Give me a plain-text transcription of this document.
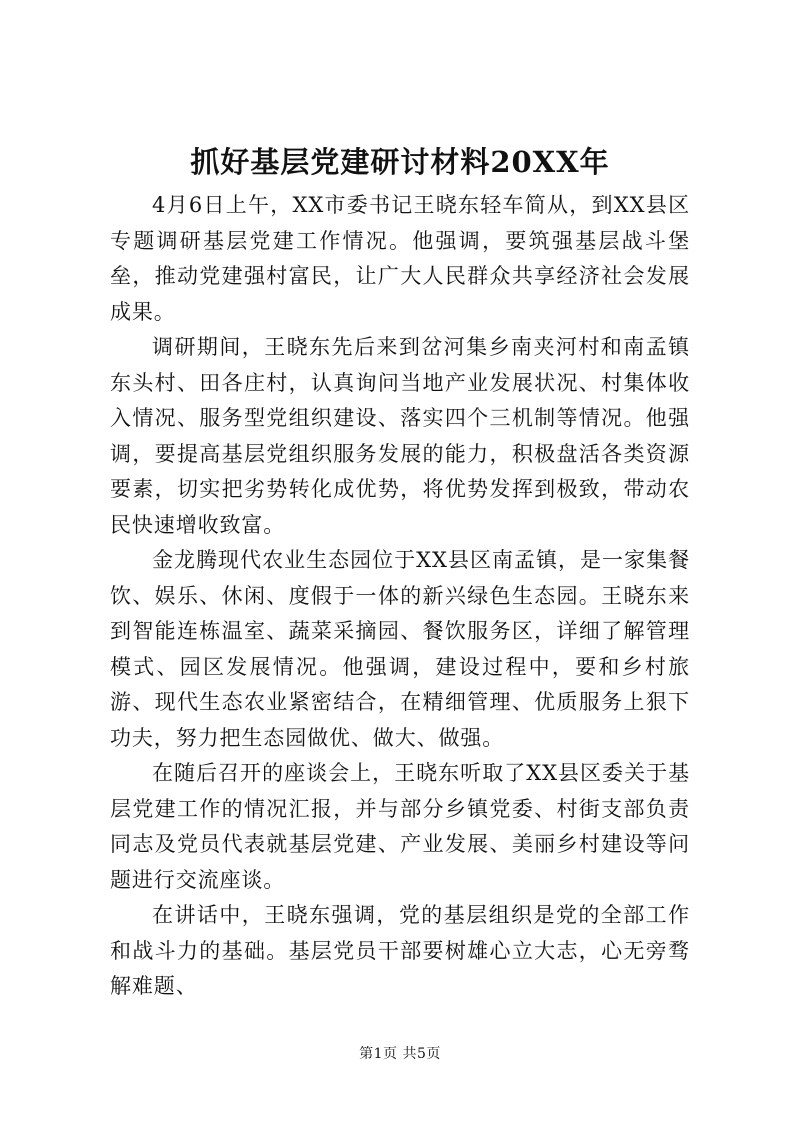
抓好基层党建研讨材料20XX年

4月6日上午，XX市委书记王晓东轻车简从，到XX县区专题调研基层党建工作情况。他强调，要筑强基层战斗堡垒，推动党建强村富民，让广大人民群众共享经济社会发展成果。

调研期间，王晓东先后来到岔河集乡南夹河村和南孟镇东头村、田各庄村，认真询问当地产业发展状况、村集体收入情况、服务型党组织建设、落实四个三机制等情况。他强调，要提高基层党组织服务发展的能力，积极盘活各类资源要素，切实把劣势转化成优势，将优势发挥到极致，带动农民快速增收致富。

金龙腾现代农业生态园位于XX县区南孟镇，是一家集餐饮、娱乐、休闲、度假于一体的新兴绿色生态园。王晓东来到智能连栋温室、蔬菜采摘园、餐饮服务区，详细了解管理模式、园区发展情况。他强调，建设过程中，要和乡村旅游、现代生态农业紧密结合，在精细管理、优质服务上狠下功夫，努力把生态园做优、做大、做强。

在随后召开的座谈会上，王晓东听取了XX县区委关于基层党建工作的情况汇报，并与部分乡镇党委、村街支部负责同志及党员代表就基层党建、产业发展、美丽乡村建设等问题进行交流座谈。

在讲话中，王晓东强调，党的基层组织是党的全部工作和战斗力的基础。基层党员干部要树雄心立大志，心无旁骛解难题、

第1页 共5页
